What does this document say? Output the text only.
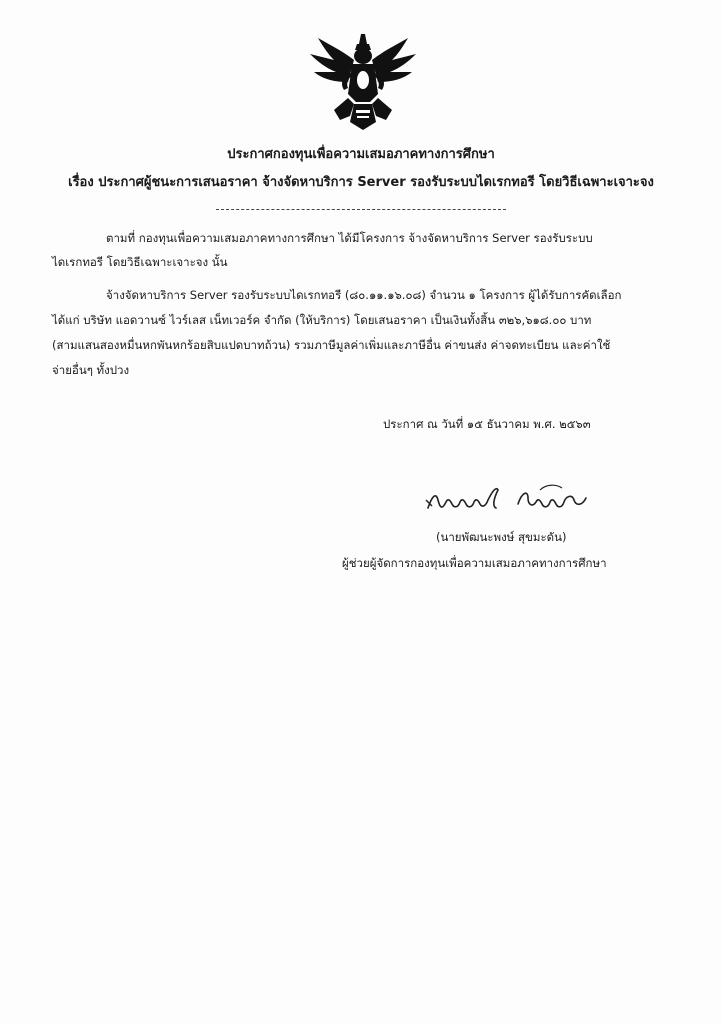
ประกาศกองทุนเพื่อความเสมอภาคทางการศึกษา
เรื่อง ประกาศผู้ชนะการเสนอราคา จ้างจัดหาบริการ Server รองรับระบบไดเรกทอรี โดยวิธีเฉพาะเจาะจง
ตามที่ กองทุนเพื่อความเสมอภาคทางการศึกษา ได้มีโครงการ จ้างจัดหาบริการ Server รองรับระบบ
ไดเรกทอรี โดยวิธีเฉพาะเจาะจง นั้น
จ้างจัดหาบริการ Server รองรับระบบไดเรกทอรี (๘๐.๑๑.๑๖.๐๘) จำนวน ๑ โครงการ ผู้ได้รับการคัดเลือก
ได้แก่ บริษัท แอดวานซ์ ไวร์เลส เน็ทเวอร์ค จำกัด (ให้บริการ) โดยเสนอราคา เป็นเงินทั้งสิ้น ๓๒๖,๖๑๘.๐๐ บาท
(สามแสนสองหมื่นหกพันหกร้อยสิบแปดบาทถ้วน) รวมภาษีมูลค่าเพิ่มและภาษีอื่น ค่าขนส่ง ค่าจดทะเบียน และค่าใช้
จ่ายอื่นๆ ทั้งปวง
ประกาศ ณ วันที่ ๑๕ ธันวาคม พ.ศ. ๒๕๖๓
(นายพัฒนะพงษ์ สุขมะดัน)
ผู้ช่วยผู้จัดการกองทุนเพื่อความเสมอภาคทางการศึกษา
